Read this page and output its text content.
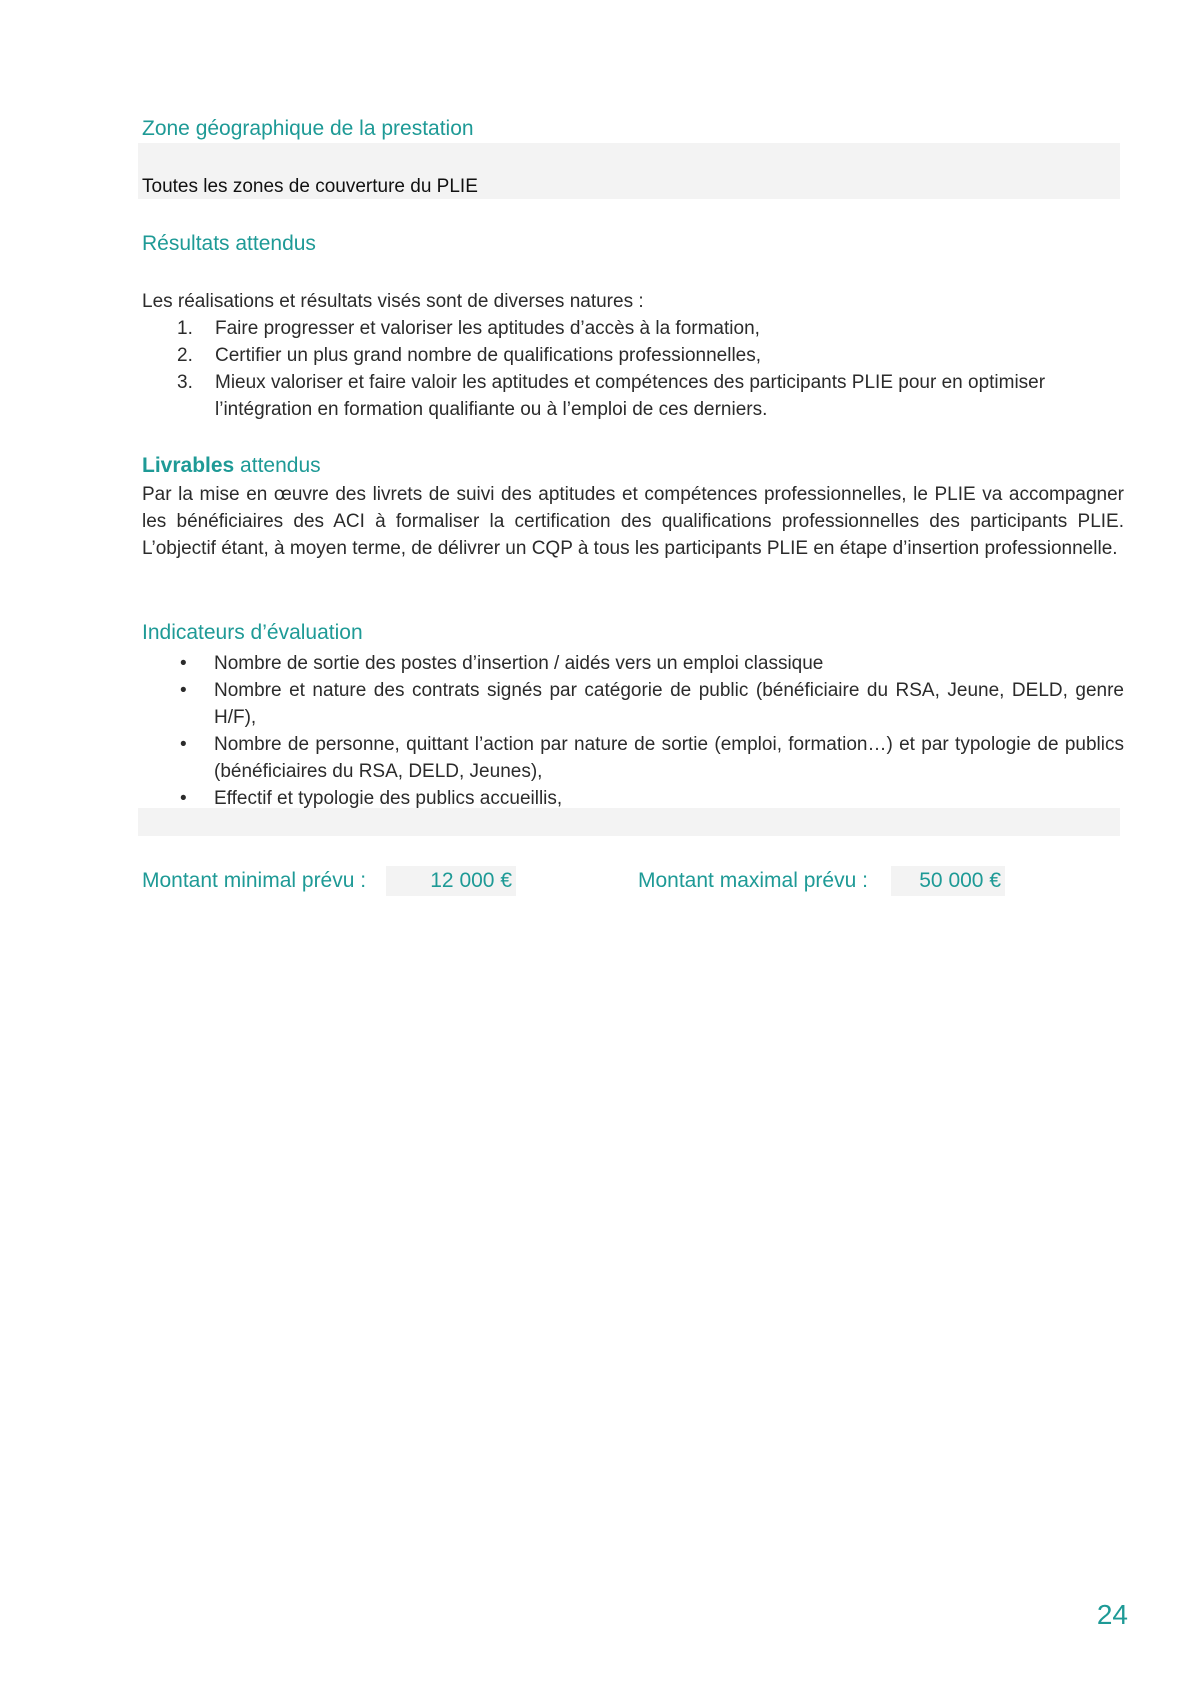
Zone géographique de la prestation
Toutes les zones de couverture du PLIE
Résultats attendus
Les réalisations et résultats visés sont de diverses natures :
1. Faire progresser et valoriser les aptitudes d’accès à la formation,
2. Certifier un plus grand nombre de qualifications professionnelles,
3. Mieux valoriser et faire valoir les aptitudes et compétences des participants PLIE pour en optimiser l’intégration en formation qualifiante ou à l’emploi de ces derniers.
Livrables attendus
Par la mise en œuvre des livrets de suivi des aptitudes et compétences professionnelles, le PLIE va accompagner les bénéficiaires des ACI à formaliser la certification des qualifications professionnelles des participants PLIE. L’objectif étant, à moyen terme, de délivrer un CQP à tous les participants PLIE en étape d’insertion professionnelle.
Indicateurs d’évaluation
• Nombre de sortie des postes d’insertion / aidés vers un emploi classique
• Nombre et nature des contrats signés par catégorie de public (bénéficiaire du RSA, Jeune, DELD, genre H/F),
• Nombre de personne, quittant l’action par nature de sortie (emploi, formation…) et par typologie de publics (bénéficiaires du RSA, DELD, Jeunes),
• Effectif et typologie des publics accueillis,
Montant minimal prévu :	12 000 €	Montant maximal prévu :	50 000 €
24
